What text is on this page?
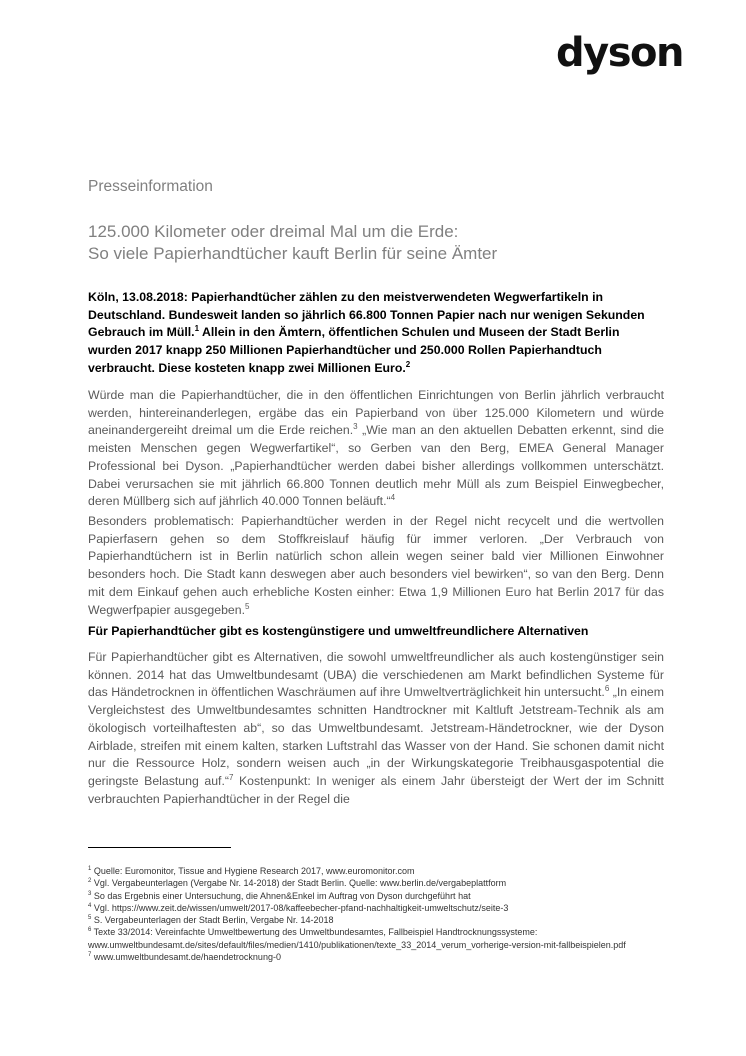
dyson
Presseinformation
125.000 Kilometer oder dreimal Mal um die Erde:
So viele Papierhandtücher kauft Berlin für seine Ämter
Köln, 13.08.2018: Papierhandtücher zählen zu den meistverwendeten Wegwerfartikeln in Deutschland. Bundesweit landen so jährlich 66.800 Tonnen Papier nach nur wenigen Sekunden Gebrauch im Müll.$^1$ Allein in den Ämtern, öffentlichen Schulen und Museen der Stadt Berlin wurden 2017 knapp 250 Millionen Papierhandtücher und 250.000 Rollen Papierhandtuch verbraucht. Diese kosteten knapp zwei Millionen Euro.$^2$
Würde man die Papierhandtücher, die in den öffentlichen Einrichtungen von Berlin jährlich verbraucht werden, hintereinanderlegen, ergäbe das ein Papierband von über 125.000 Kilometern und würde aneinandergereiht dreimal um die Erde reichen.$^3$ „Wie man an den aktuellen Debatten erkennt, sind die meisten Menschen gegen Wegwerfartikel“, so Gerben van den Berg, EMEA General Manager Professional bei Dyson. „Papierhandtücher werden dabei bisher allerdings vollkommen unterschätzt. Dabei verursachen sie mit jährlich 66.800 Tonnen deutlich mehr Müll als zum Beispiel Einwegbecher, deren Müllberg sich auf jährlich 40.000 Tonnen beläuft.“$^4$
Besonders problematisch: Papierhandtücher werden in der Regel nicht recycelt und die wertvollen Papierfasern gehen so dem Stoffkreislauf häufig für immer verloren. „Der Verbrauch von Papierhandtüchern ist in Berlin natürlich schon allein wegen seiner bald vier Millionen Einwohner besonders hoch. Die Stadt kann deswegen aber auch besonders viel bewirken“, so van den Berg. Denn mit dem Einkauf gehen auch erhebliche Kosten einher: Etwa 1,9 Millionen Euro hat Berlin 2017 für das Wegwerfpapier ausgegeben.$^5$
Für Papierhandtücher gibt es kostengünstigere und umweltfreundlichere Alternativen
Für Papierhandtücher gibt es Alternativen, die sowohl umweltfreundlicher als auch kostengünstiger sein können. 2014 hat das Umweltbundesamt (UBA) die verschiedenen am Markt befindlichen Systeme für das Händetrocknen in öffentlichen Waschräumen auf ihre Umweltverträglichkeit hin untersucht.$^6$ „In einem Vergleichstest des Umweltbundesamtes schnitten Handtrockner mit Kaltluft Jetstream-Technik als am ökologisch vorteilhaftesten ab“, so das Umweltbundesamt. Jetstream-Händetrockner, wie der Dyson Airblade, streifen mit einem kalten, starken Luftstrahl das Wasser von der Hand. Sie schonen damit nicht nur die Ressource Holz, sondern weisen auch „in der Wirkungskategorie Treibhausgaspotential die geringste Belastung auf.“$^7$ Kostenpunkt: In weniger als einem Jahr übersteigt der Wert der im Schnitt verbrauchten Papierhandtücher in der Regel die
$^1$ Quelle: Euromonitor, Tissue and Hygiene Research 2017, www.euromonitor.com
$^2$ Vgl. Vergabeunterlagen (Vergabe Nr. 14-2018) der Stadt Berlin. Quelle: www.berlin.de/vergabeplattform
$^3$ So das Ergebnis einer Untersuchung, die Ahnen&Enkel im Auftrag von Dyson durchgeführt hat
$^4$ Vgl. https://www.zeit.de/wissen/umwelt/2017-08/kaffeebecher-pfand-nachhaltigkeit-umweltschutz/seite-3
$^5$ S. Vergabeunterlagen der Stadt Berlin, Vergabe Nr. 14-2018
$^6$ Texte 33/2014: Vereinfachte Umweltbewertung des Umweltbundesamtes, Fallbeispiel Handtrocknungssysteme: www.umweltbundesamt.de/sites/default/files/medien/1410/publikationen/texte_33_2014_verum_vorherige-version-mit-fallbeispielen.pdf
$^7$ www.umweltbundesamt.de/haendetrocknung-0
